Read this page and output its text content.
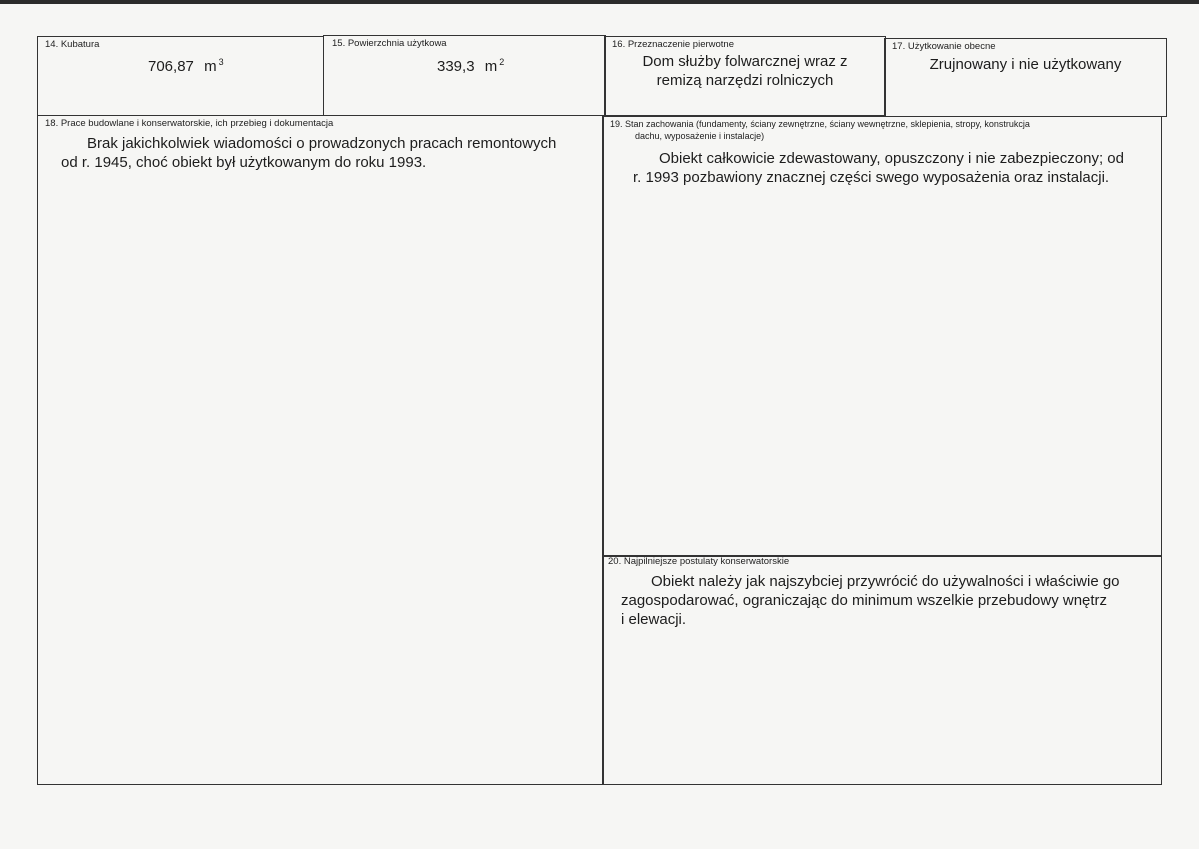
14. Kubatura
706,87 m $^3$
15. Powierzchnia użytkowa
339,3 m $^2$
16. Przeznaczenie pierwotne
Dom służby folwarcznej wraz z
remizą narzędzi rolniczych
17. Użytkowanie obecne
Zrujnowany i nie użytkowany
18. Prace budowlane i konserwatorskie, ich przebieg i dokumentacja
Brak jakichkolwiek wiadomości o prowadzonych pracach remontowych
od r. 1945, choć obiekt był użytkowanym do roku 1993.
19. Stan zachowania (fundamenty, ściany zewnętrzne, ściany wewnętrzne, sklepienia, stropy, konstrukcja
dachu, wyposażenie i instalacje)
Obiekt całkowicie zdewastowany, opuszczony i nie zabezpieczony; od
r. 1993 pozbawiony znacznej części swego wyposażenia oraz instalacji.
20. Najpilniejsze postulaty konserwatorskie
Obiekt należy jak najszybciej przywrócić do używalności i właściwie go
zagospodarować, ograniczając do minimum wszelkie przebudowy wnętrz
i elewacji.
